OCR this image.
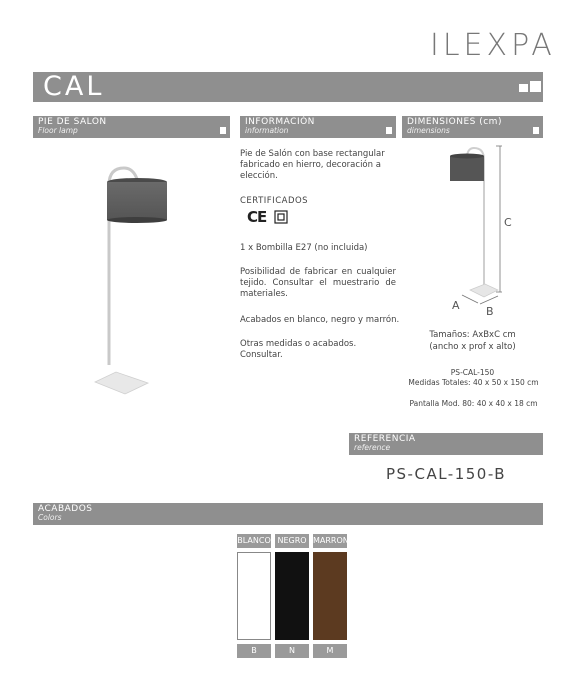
ILEXPA
CAL
PIE DE SALON
Floor lamp
INFORMACIÓN
information
DIMENSIONES (cm)
dimensions
Pie de Salón con base rectangular fabricado en hierro, decoración a elección.
CERTIFICADOS
CE
1 x Bombilla E27 (no incluida)
Posibilidad de fabricar en cualquier tejido. Consultar el muestrario de materiales.
Acabados en blanco, negro y marrón.
Otras medidas o acabados. Consultar.
C
A B
Tamaños: AxBxC cm
(ancho x prof x alto)
PS-CAL-150
Medidas Totales: 40 x 50 x 150 cm
Pantalla Mod. 80: 40 x 40 x 18 cm
REFERENCIA
reference
PS-CAL-150-B
ACABADOS
Colors
BLANCO
B
NEGRO
N
MARRON
M
